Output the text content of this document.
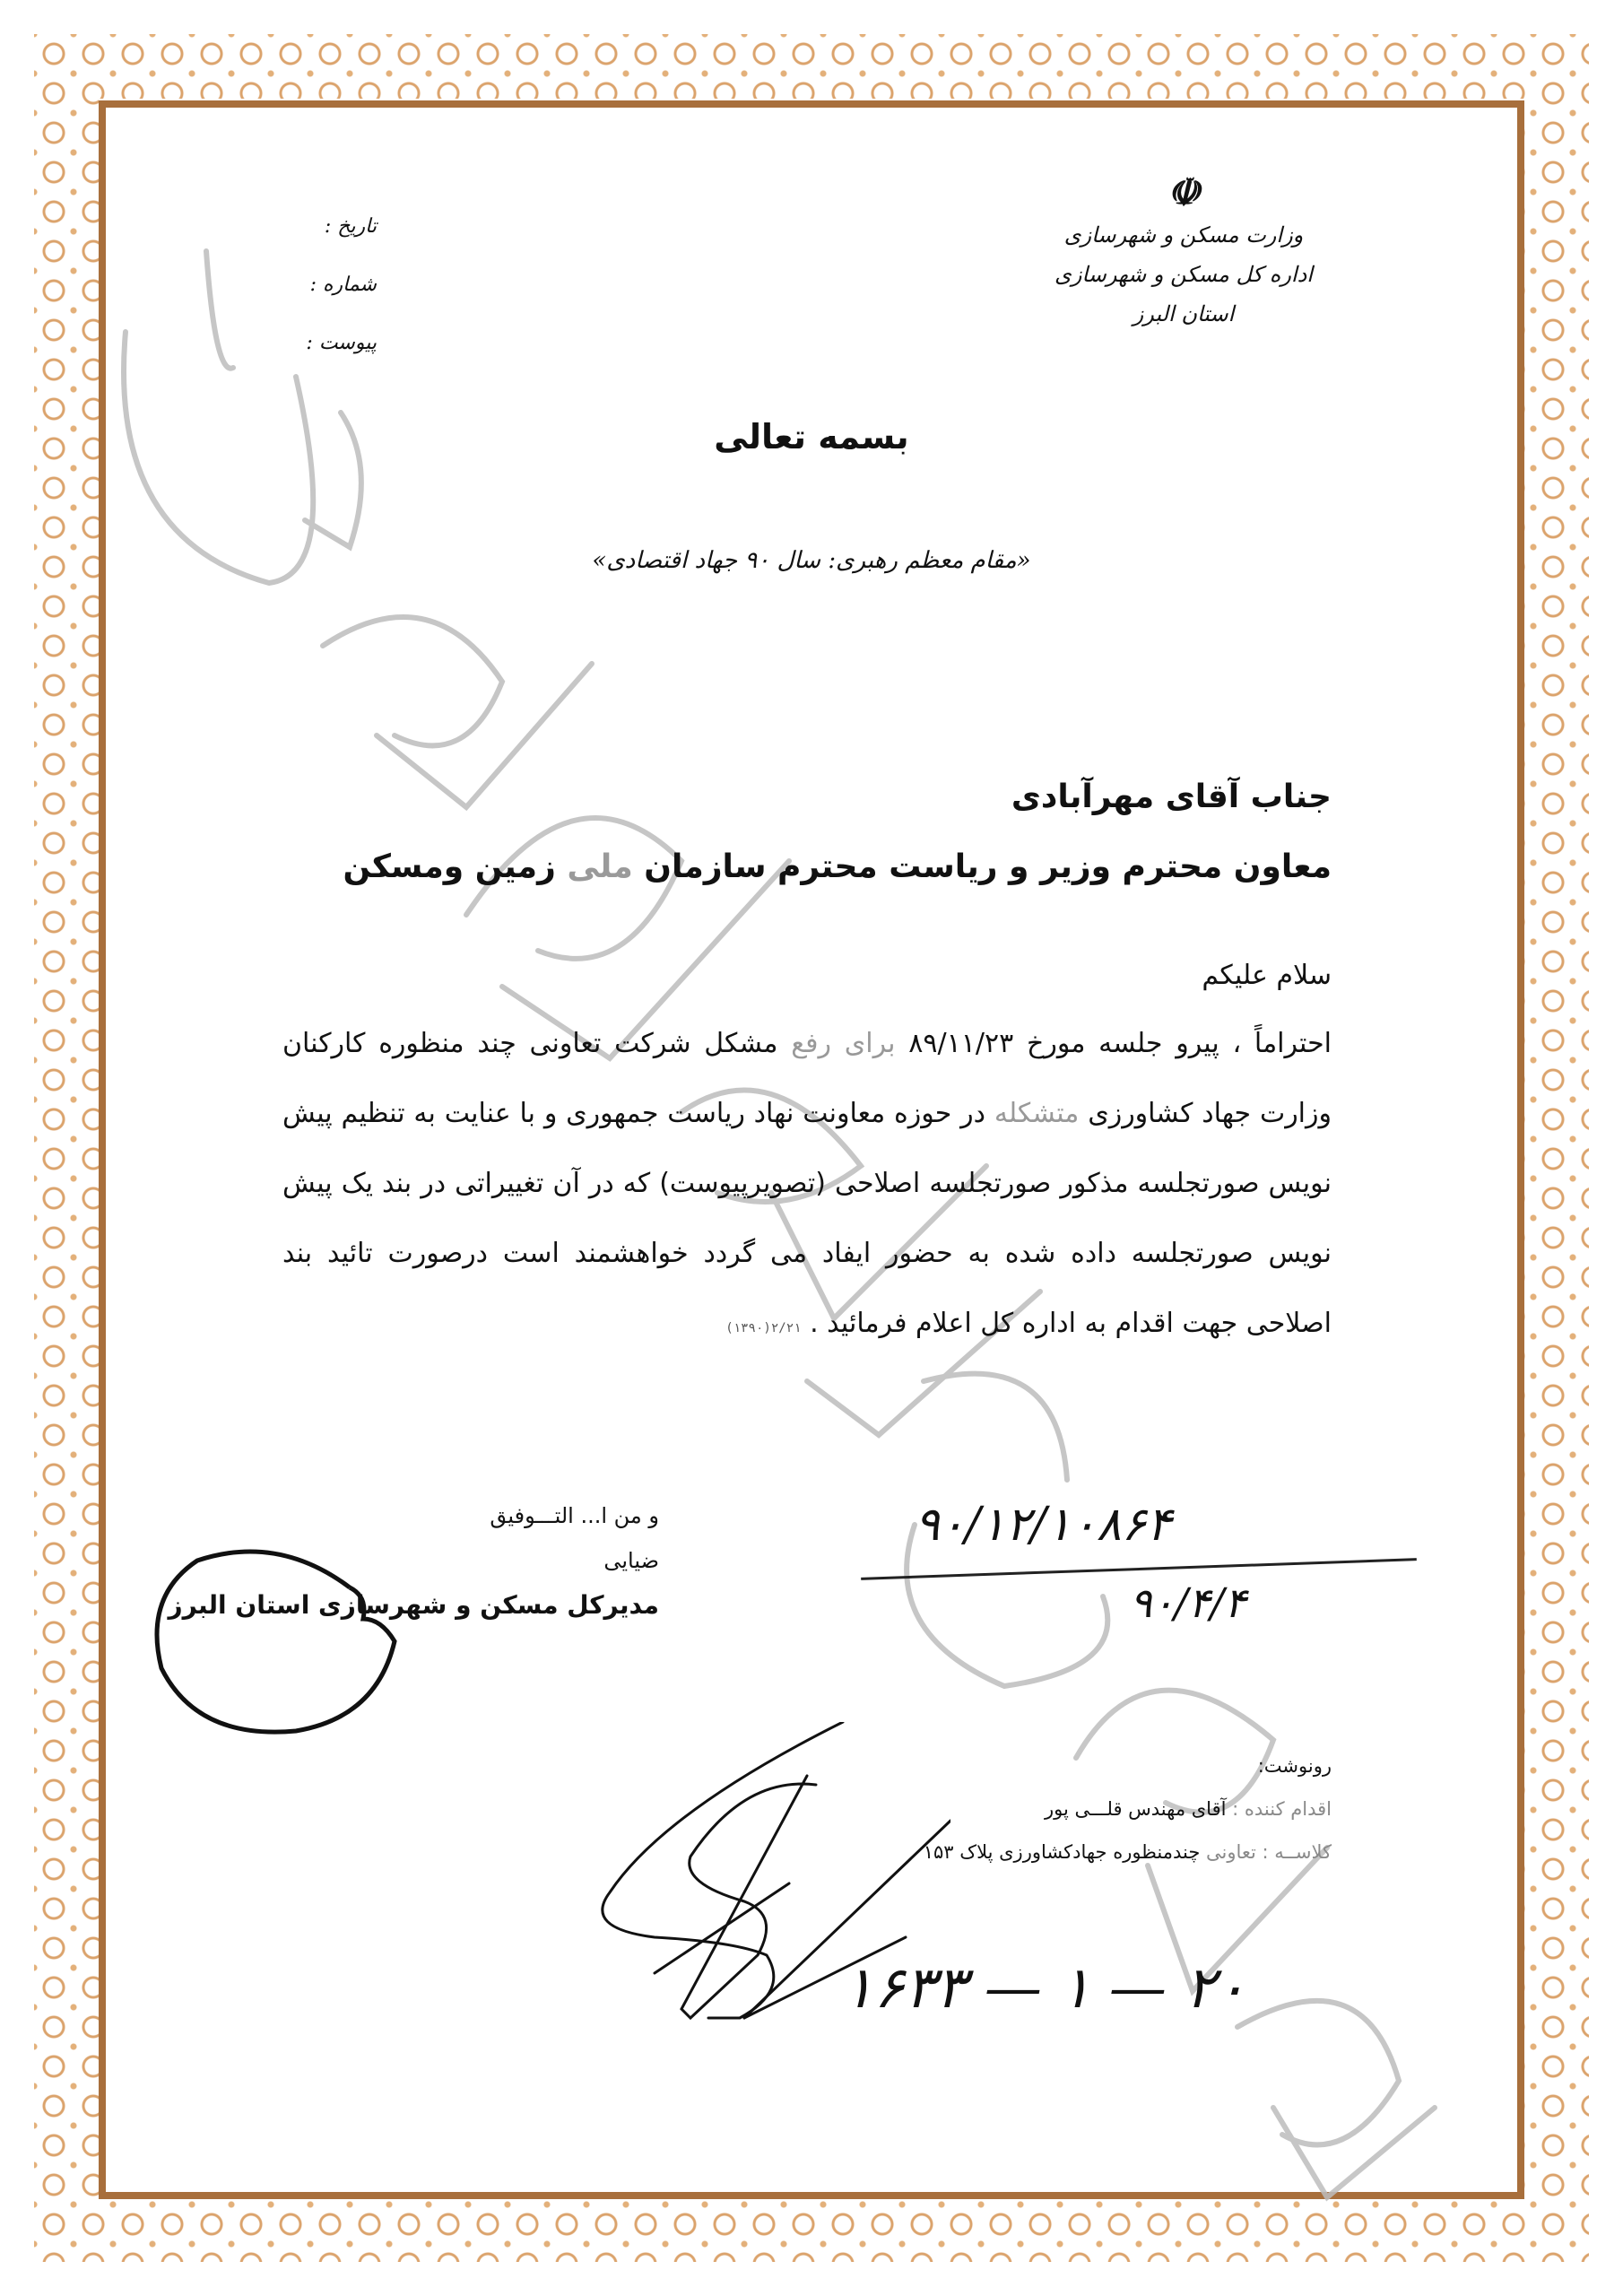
☫
وزارت مسکن و شهرسازی
اداره کل مسکن و شهرسازی استان البرز
تاریخ :
شماره :
پیوست :
بسمه تعالی
«مقام معظم رهبری: سال ۹۰ جهاد اقتصادی»
جناب آقای مهرآبادی
معاون محترم وزیر و ریاست محترم سازمان ملی زمین ومسکن
سلام علیکم
احتراماً ، پیرو جلسه مورخ ۸۹/۱۱/۲۳ برای رفع مشکل شرکت تعاونی چند منظوره کارکنان وزارت جهاد کشاورزی متشکله در حوزه معاونت نهاد ریاست جمهوری و با عنایت به تنظیم پیش نویس صورتجلسه مذکور صورتجلسه اصلاحی (تصویرپیوست) که در آن تغییراتی در بند یک پیش نویس صورتجلسه داده شده به حضور ایفاد می گردد خواهشمند است درصورت تائید بند اصلاحی جهت اقدام به اداره کل اعلام فرمائید . ۲/۲۱(۱۳۹۰)
و من ا... التـــوفیق
ضیایی
مدیرکل مسکن و شهرسازی استان البرز
۹۰/۱۲/۱۰۸۶۴
۹۰/۴/۴
رونوشت:
اقدام کننده : آقای مهندس قلـــی پور
کلاســه : تعاونی چندمنظوره جهادکشاورزی پلاک ۱۵۳
۲۰ — ۱ — ۱۶۳۳
